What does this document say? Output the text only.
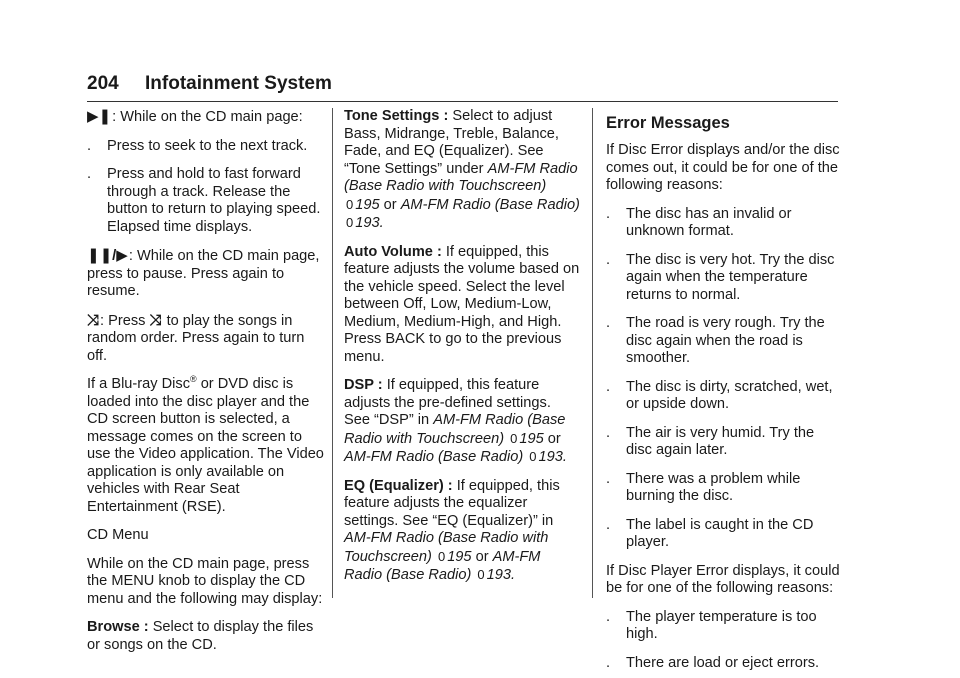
204 Infotainment System

▶❚: While on the CD main page:

. Press to seek to the next track.
. Press and hold to fast forward through a track. Release the button to return to playing speed. Elapsed time displays.

❚❚/▶: While on the CD main page, press to pause. Press again to resume.

⤨: Press ⤨ to play the songs in random order. Press again to turn off.

If a Blu-ray Disc® or DVD disc is loaded into the disc player and the CD screen button is selected, a message comes on the screen to use the Video application. The Video application is only available on vehicles with Rear Seat Entertainment (RSE).

CD Menu

While on the CD main page, press the MENU knob to display the CD menu and the following may display:

Browse : Select to display the files or songs on the CD.

Tone Settings : Select to adjust Bass, Midrange, Treble, Balance, Fade, and EQ (Equalizer). See “Tone Settings” under AM-FM Radio (Base Radio with Touchscreen) 0 195 or AM-FM Radio (Base Radio) 0 193.

Auto Volume : If equipped, this feature adjusts the volume based on the vehicle speed. Select the level between Off, Low, Medium-Low, Medium, Medium-High, and High. Press BACK to go to the previous menu.

DSP : If equipped, this feature adjusts the pre-defined settings. See “DSP” in AM-FM Radio (Base Radio with Touchscreen) 0 195 or AM-FM Radio (Base Radio) 0 193.

EQ (Equalizer) : If equipped, this feature adjusts the equalizer settings. See “EQ (Equalizer)” in AM-FM Radio (Base Radio with Touchscreen) 0 195 or AM-FM Radio (Base Radio) 0 193.

Error Messages

If Disc Error displays and/or the disc comes out, it could be for one of the following reasons:

. The disc has an invalid or unknown format.
. The disc is very hot. Try the disc again when the temperature returns to normal.
. The road is very rough. Try the disc again when the road is smoother.
. The disc is dirty, scratched, wet, or upside down.
. The air is very humid. Try the disc again later.
. There was a problem while burning the disc.
. The label is caught in the CD player.

If Disc Player Error displays, it could be for one of the following reasons:

. The player temperature is too high.
. There are load or eject errors.
